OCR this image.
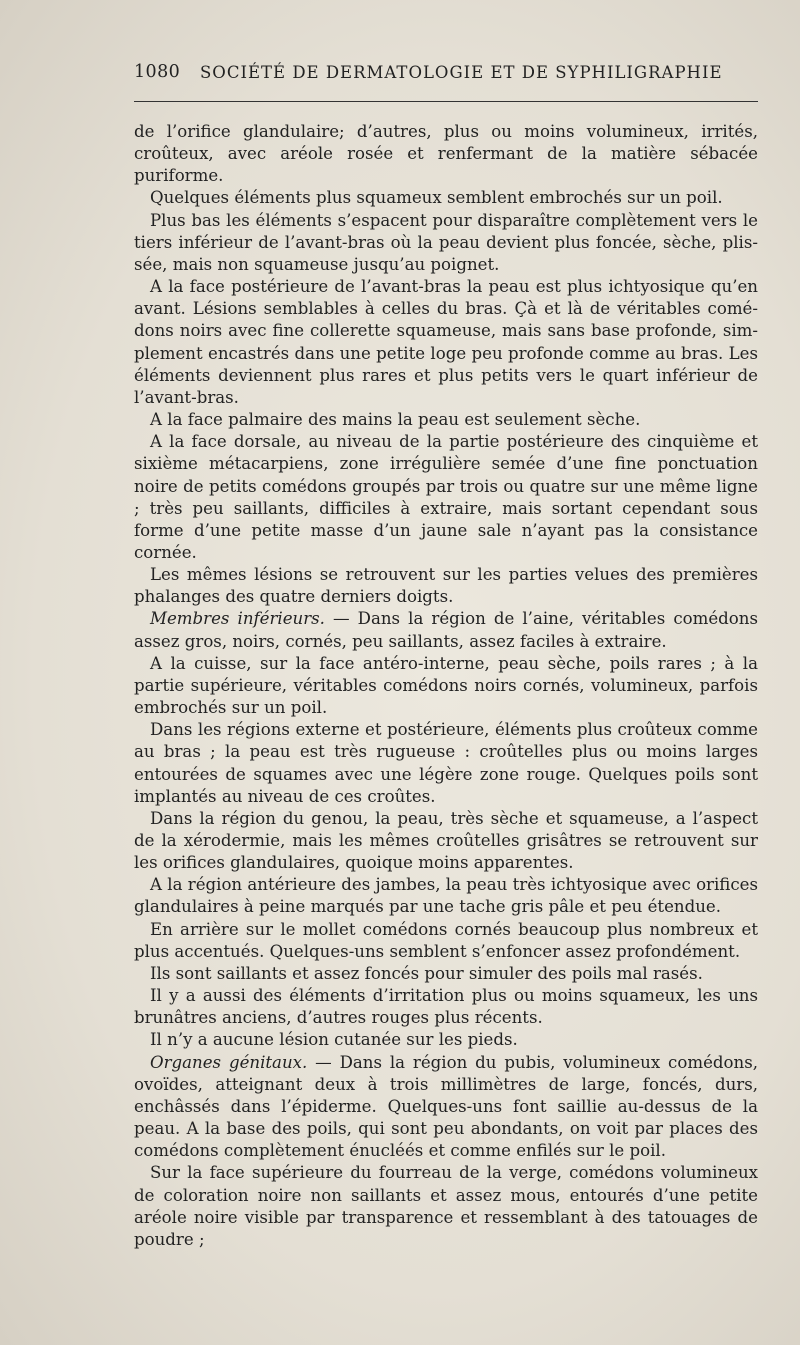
1080 SOCIÉTÉ DE DERMATOLOGIE ET DE SYPHILIGRAPHIE

de l’orifice glandulaire; d’autres, plus ou moins volumineux, irrités, croûteux, avec aréole rosée et renfermant de la matière sébacée puriforme.

Quelques éléments plus squameux semblent embrochés sur un poil.

Plus bas les éléments s’espacent pour disparaître complètement vers le tiers inférieur de l’avant-bras où la peau devient plus foncée, sèche, plissée, mais non squameuse jusqu’au poignet.

A la face postérieure de l’avant-bras la peau est plus ichtyosique qu’en avant. Lésions semblables à celles du bras. Çà et là de véritables comédons noirs avec fine collerette squameuse, mais sans base profonde, simplement encastrés dans une petite loge peu profonde comme au bras. Les éléments deviennent plus rares et plus petits vers le quart inférieur de l’avant-bras.

A la face palmaire des mains la peau est seulement sèche.

A la face dorsale, au niveau de la partie postérieure des cinquième et sixième métacarpiens, zone irrégulière semée d’une fine ponctuation noire de petits comédons groupés par trois ou quatre sur une même ligne ; très peu saillants, difficiles à extraire, mais sortant cependant sous forme d’une petite masse d’un jaune sale n’ayant pas la consistance cornée.

Les mêmes lésions se retrouvent sur les parties velues des premières phalanges des quatre derniers doigts.

Membres inférieurs. — Dans la région de l’aine, véritables comédons assez gros, noirs, cornés, peu saillants, assez faciles à extraire.

A la cuisse, sur la face antéro-interne, peau sèche, poils rares ; à la partie supérieure, véritables comédons noirs cornés, volumineux, parfois embrochés sur un poil.

Dans les régions externe et postérieure, éléments plus croûteux comme au bras ; la peau est très rugueuse : croûtelles plus ou moins larges entourées de squames avec une légère zone rouge. Quelques poils sont implantés au niveau de ces croûtes.

Dans la région du genou, la peau, très sèche et squameuse, a l’aspect de la xérodermie, mais les mêmes croûtelles grisâtres se retrouvent sur les orifices glandulaires, quoique moins apparentes.

A la région antérieure des jambes, la peau très ichtyosique avec orifices glandulaires à peine marqués par une tache gris pâle et peu étendue.

En arrière sur le mollet comédons cornés beaucoup plus nombreux et plus accentués. Quelques-uns semblent s’enfoncer assez profondément.

Ils sont saillants et assez foncés pour simuler des poils mal rasés.

Il y a aussi des éléments d’irritation plus ou moins squameux, les uns brunâtres anciens, d’autres rouges plus récents.

Il n’y a aucune lésion cutanée sur les pieds.

Organes génitaux. — Dans la région du pubis, volumineux comédons, ovoïdes, atteignant deux à trois millimètres de large, foncés, durs, enchâssés dans l’épiderme. Quelques-uns font saillie au-dessus de la peau. A la base des poils, qui sont peu abondants, on voit par places des comédons complètement énucléés et comme enfilés sur le poil.

Sur la face supérieure du fourreau de la verge, comédons volumineux de coloration noire non saillants et assez mous, entourés d’une petite aréole noire visible par transparence et ressemblant à des tatouages de poudre ;
